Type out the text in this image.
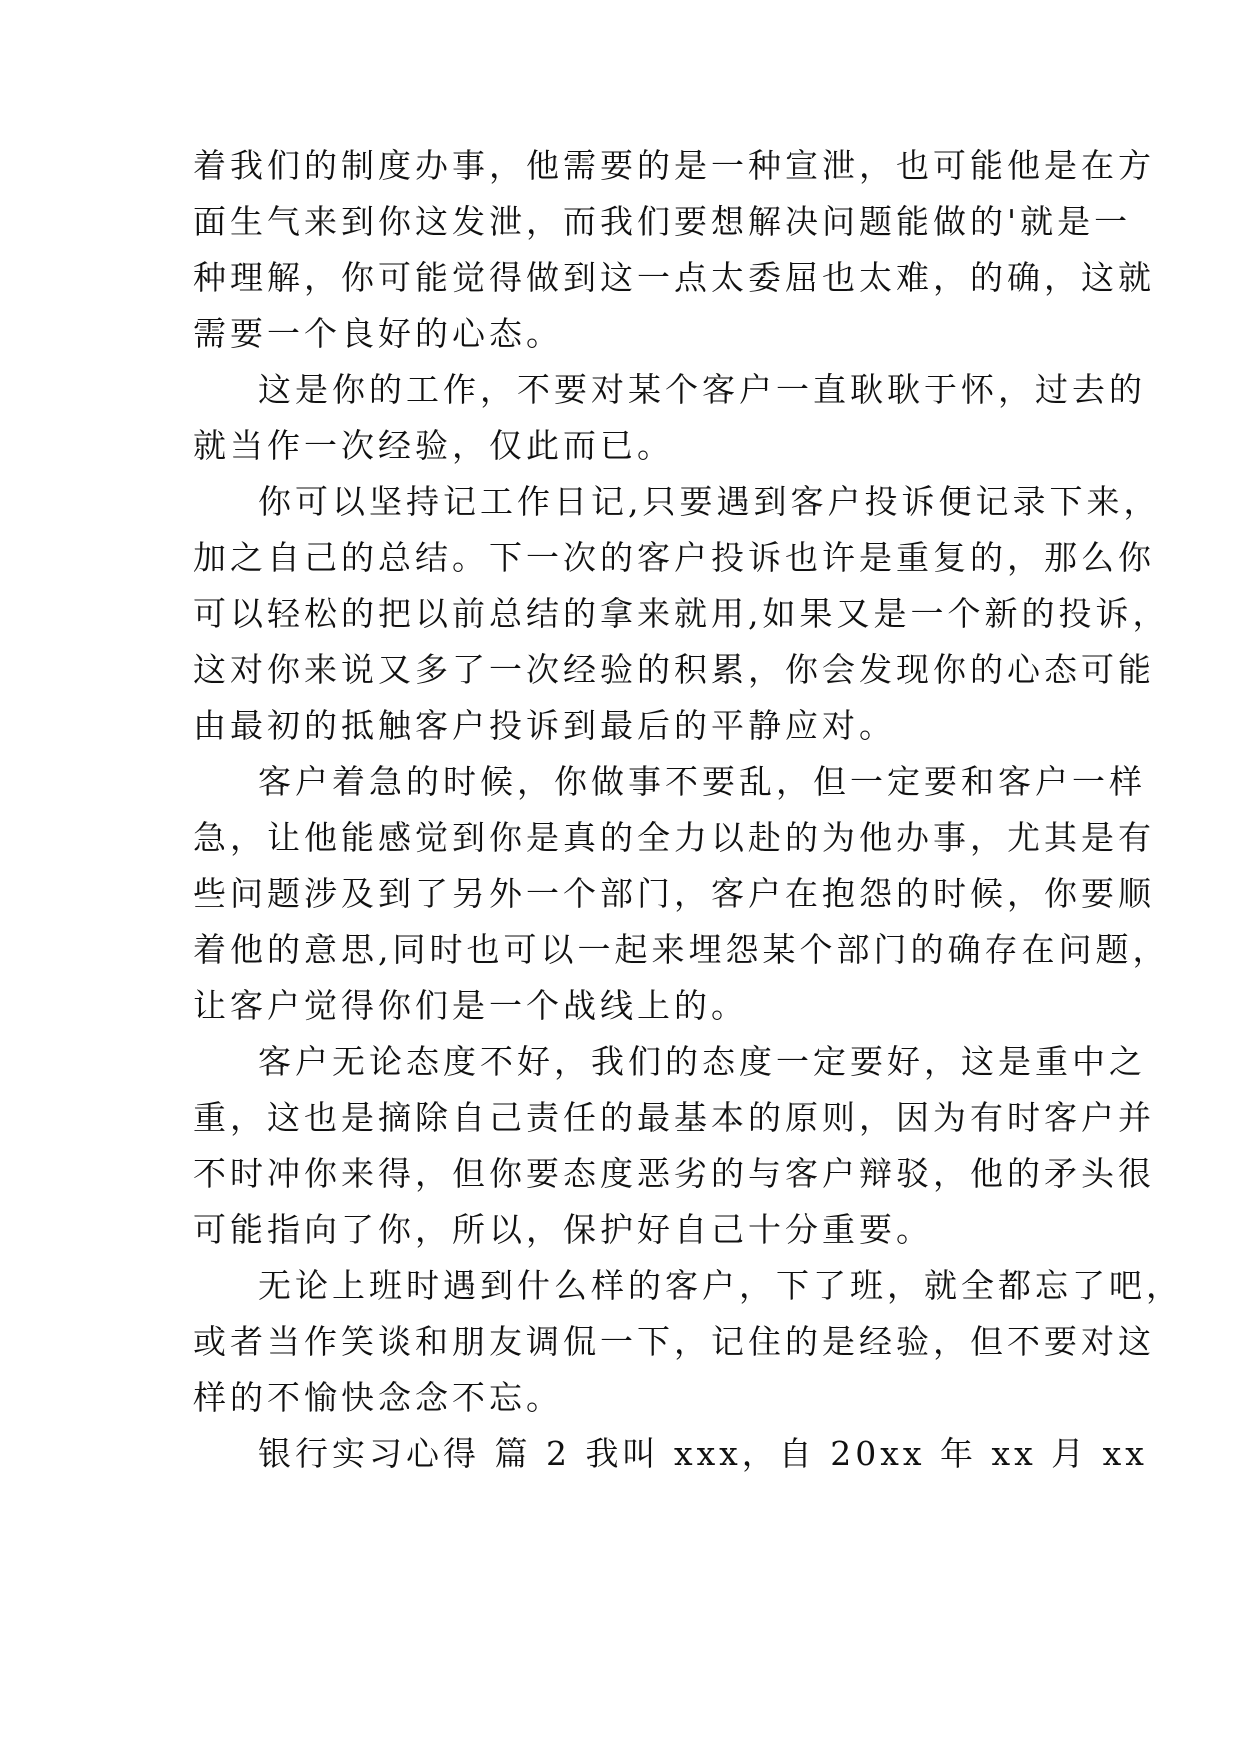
着我们的制度办事，他需要的是一种宣泄，也可能他是在方
面生气来到你这发泄，而我们要想解决问题能做的'就是一
种理解，你可能觉得做到这一点太委屈也太难，的确，这就
需要一个良好的心态。
这是你的工作，不要对某个客户一直耿耿于怀，过去的
就当作一次经验，仅此而已。
你可以坚持记工作日记,只要遇到客户投诉便记录下来，
加之自己的总结。下一次的客户投诉也许是重复的，那么你
可以轻松的把以前总结的拿来就用,如果又是一个新的投诉，
这对你来说又多了一次经验的积累，你会发现你的心态可能
由最初的抵触客户投诉到最后的平静应对。
客户着急的时候，你做事不要乱，但一定要和客户一样
急，让他能感觉到你是真的全力以赴的为他办事，尤其是有
些问题涉及到了另外一个部门，客户在抱怨的时候，你要顺
着他的意思,同时也可以一起来埋怨某个部门的确存在问题，
让客户觉得你们是一个战线上的。
客户无论态度不好，我们的态度一定要好，这是重中之
重，这也是摘除自己责任的最基本的原则，因为有时客户并
不时冲你来得，但你要态度恶劣的与客户辩驳，他的矛头很
可能指向了你，所以，保护好自己十分重要。
无论上班时遇到什么样的客户，下了班，就全都忘了吧，
或者当作笑谈和朋友调侃一下，记住的是经验，但不要对这
样的不愉快念念不忘。
银行实习心得 篇 2 我叫 xxx，自 20xx 年 xx 月 xx
